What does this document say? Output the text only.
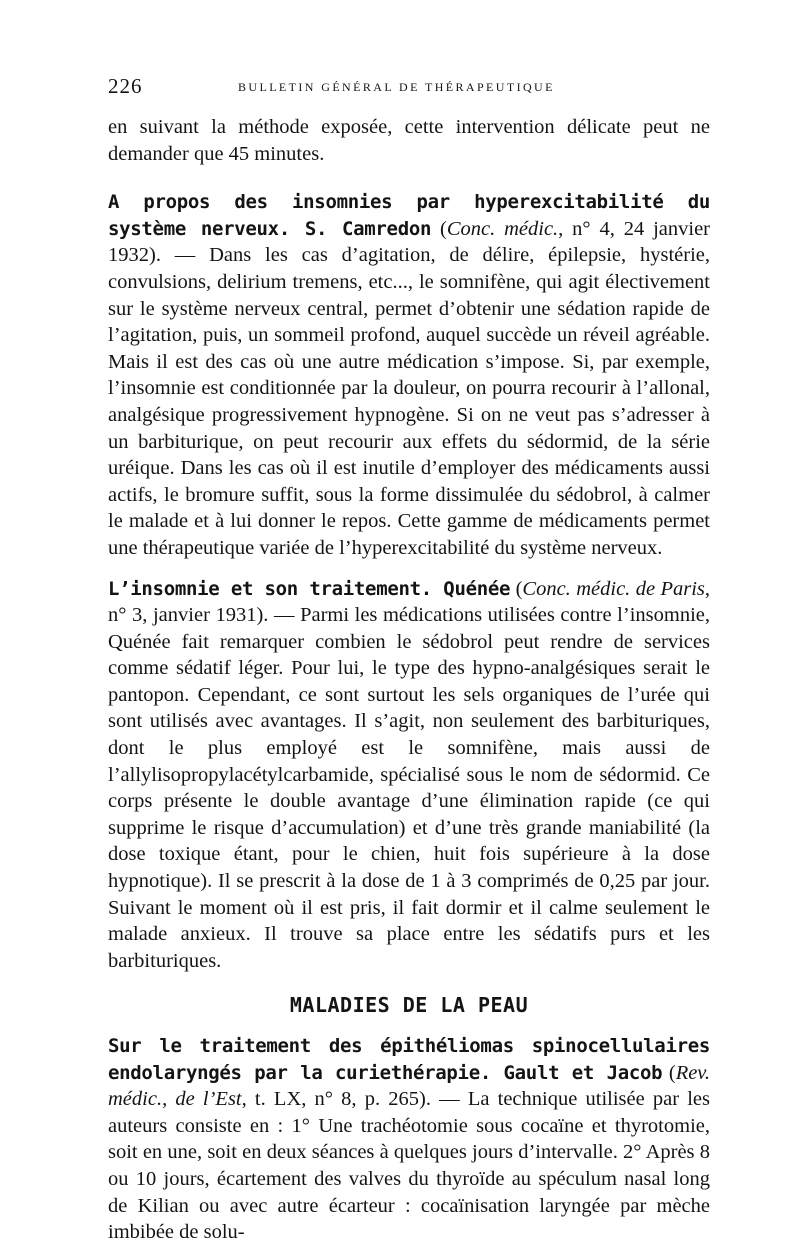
226	BULLETIN GÉNÉRAL DE THÉRAPEUTIQUE

en suivant la méthode exposée, cette intervention délicate peut ne demander que 45 minutes.

A propos des insomnies par hyperexcitabilité du système nerveux. S. Camredon (Conc. médic., n° 4, 24 janvier 1932). — Dans les cas d’agitation, de délire, épilepsie, hystérie, convulsions, delirium tremens, etc..., le somnifène, qui agit électivement sur le système nerveux central, permet d’obtenir une sédation rapide de l’agitation, puis, un sommeil profond, auquel succède un réveil agréable. Mais il est des cas où une autre médication s’impose. Si, par exemple, l’insomnie est conditionnée par la douleur, on pourra recourir à l’allonal, analgésique progressivement hypnogène. Si on ne veut pas s’adresser à un barbiturique, on peut recourir aux effets du sédormid, de la série uréique. Dans les cas où il est inutile d’employer des médicaments aussi actifs, le bromure suffit, sous la forme dissimulée du sédobrol, à calmer le malade et à lui donner le repos. Cette gamme de médicaments permet une thérapeutique variée de l’hyperexcitabilité du système nerveux.

L’insomnie et son traitement. Quénée (Conc. médic. de Paris, n° 3, janvier 1931). — Parmi les médications utilisées contre l’insomnie, Quénée fait remarquer combien le sédobrol peut rendre de services comme sédatif léger. Pour lui, le type des hypno-analgésiques serait le pantopon. Cependant, ce sont surtout les sels organiques de l’urée qui sont utilisés avec avantages. Il s’agit, non seulement des barbituriques, dont le plus employé est le somnifène, mais aussi de l’allylisopropylacétylcarbamide, spécialisé sous le nom de sédormid. Ce corps présente le double avantage d’une élimination rapide (ce qui supprime le risque d’accumulation) et d’une très grande maniabilité (la dose toxique étant, pour le chien, huit fois supérieure à la dose hypnotique). Il se prescrit à la dose de 1 à 3 comprimés de 0,25 par jour. Suivant le moment où il est pris, il fait dormir et il calme seulement le malade anxieux. Il trouve sa place entre les sédatifs purs et les barbituriques.

MALADIES DE LA PEAU

Sur le traitement des épithéliomas spinocellulaires endolaryngés par la curiethérapie. Gault et Jacob (Rev. médic., de l’Est, t. LX, n° 8, p. 265). — La technique utilisée par les auteurs consiste en : 1° Une trachéotomie sous cocaïne et thyrotomie, soit en une, soit en deux séances à quelques jours d’intervalle. 2° Après 8 ou 10 jours, écartement des valves du thyroïde au spéculum nasal long de Kilian ou avec autre écarteur : cocaïnisation laryngée par mèche imbibée de solu-
